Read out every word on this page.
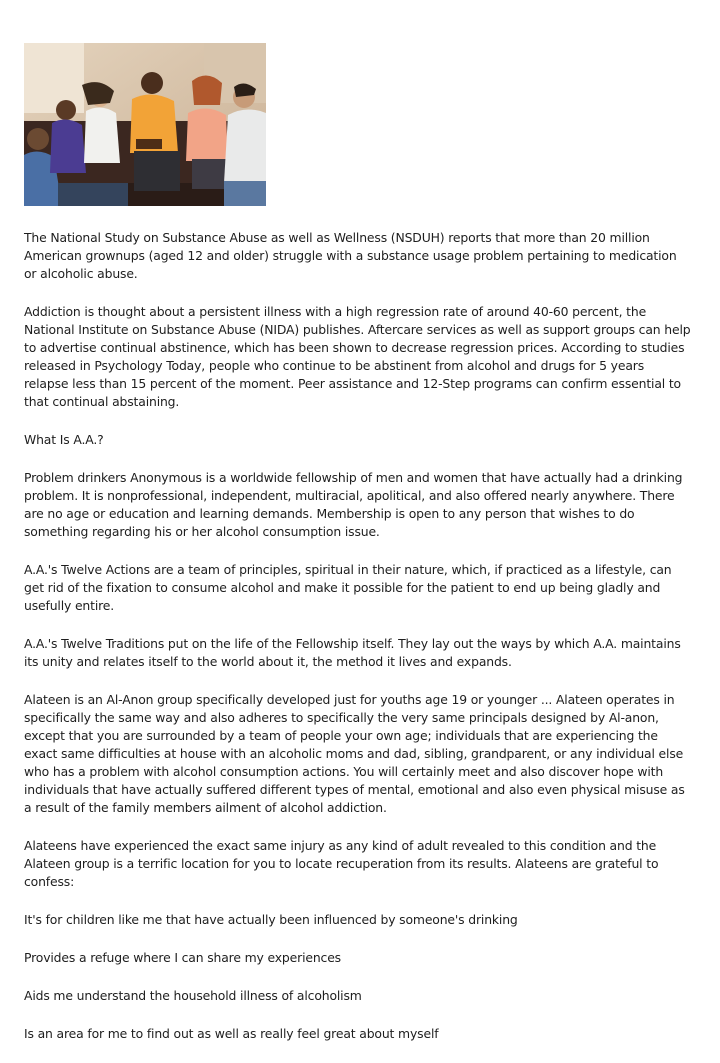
The National Study on Substance Abuse as well as Wellness (NSDUH) reports that more than 20 million American grownups (aged 12 and older) struggle with a substance usage problem pertaining to medication or alcoholic abuse.

Addiction is thought about a persistent illness with a high regression rate of around 40-60 percent, the National Institute on Substance Abuse (NIDA) publishes. Aftercare services as well as support groups can help to advertise continual abstinence, which has been shown to decrease regression prices. According to studies released in Psychology Today, people who continue to be abstinent from alcohol and drugs for 5 years relapse less than 15 percent of the moment. Peer assistance and 12-Step programs can confirm essential to that continual abstaining.

What Is A.A.?

Problem drinkers Anonymous is a worldwide fellowship of men and women that have actually had a drinking problem. It is nonprofessional, independent, multiracial, apolitical, and also offered nearly anywhere. There are no age or education and learning demands. Membership is open to any person that wishes to do something regarding his or her alcohol consumption issue.

A.A.'s Twelve Actions are a team of principles, spiritual in their nature, which, if practiced as a lifestyle, can get rid of the fixation to consume alcohol and make it possible for the patient to end up being gladly and usefully entire.

A.A.'s Twelve Traditions put on the life of the Fellowship itself. They lay out the ways by which A.A. maintains its unity and relates itself to the world about it, the method it lives and expands.

Alateen is an Al-Anon group specifically developed just for youths age 19 or younger ... Alateen operates in specifically the same way and also adheres to specifically the very same principals designed by Al-anon, except that you are surrounded by a team of people your own age; individuals that are experiencing the exact same difficulties at house with an alcoholic moms and dad, sibling, grandparent, or any individual else who has a problem with alcohol consumption actions. You will certainly meet and also discover hope with individuals that have actually suffered different types of mental, emotional and also even physical misuse as a result of the family members ailment of alcohol addiction.

Alateens have experienced the exact same injury as any kind of adult revealed to this condition and the Alateen group is a terrific location for you to locate recuperation from its results. Alateens are grateful to confess:

It's for children like me that have actually been influenced by someone's drinking

Provides a refuge where I can share my experiences

Aids me understand the household illness of alcoholism

Is an area for me to find out as well as really feel great about myself
